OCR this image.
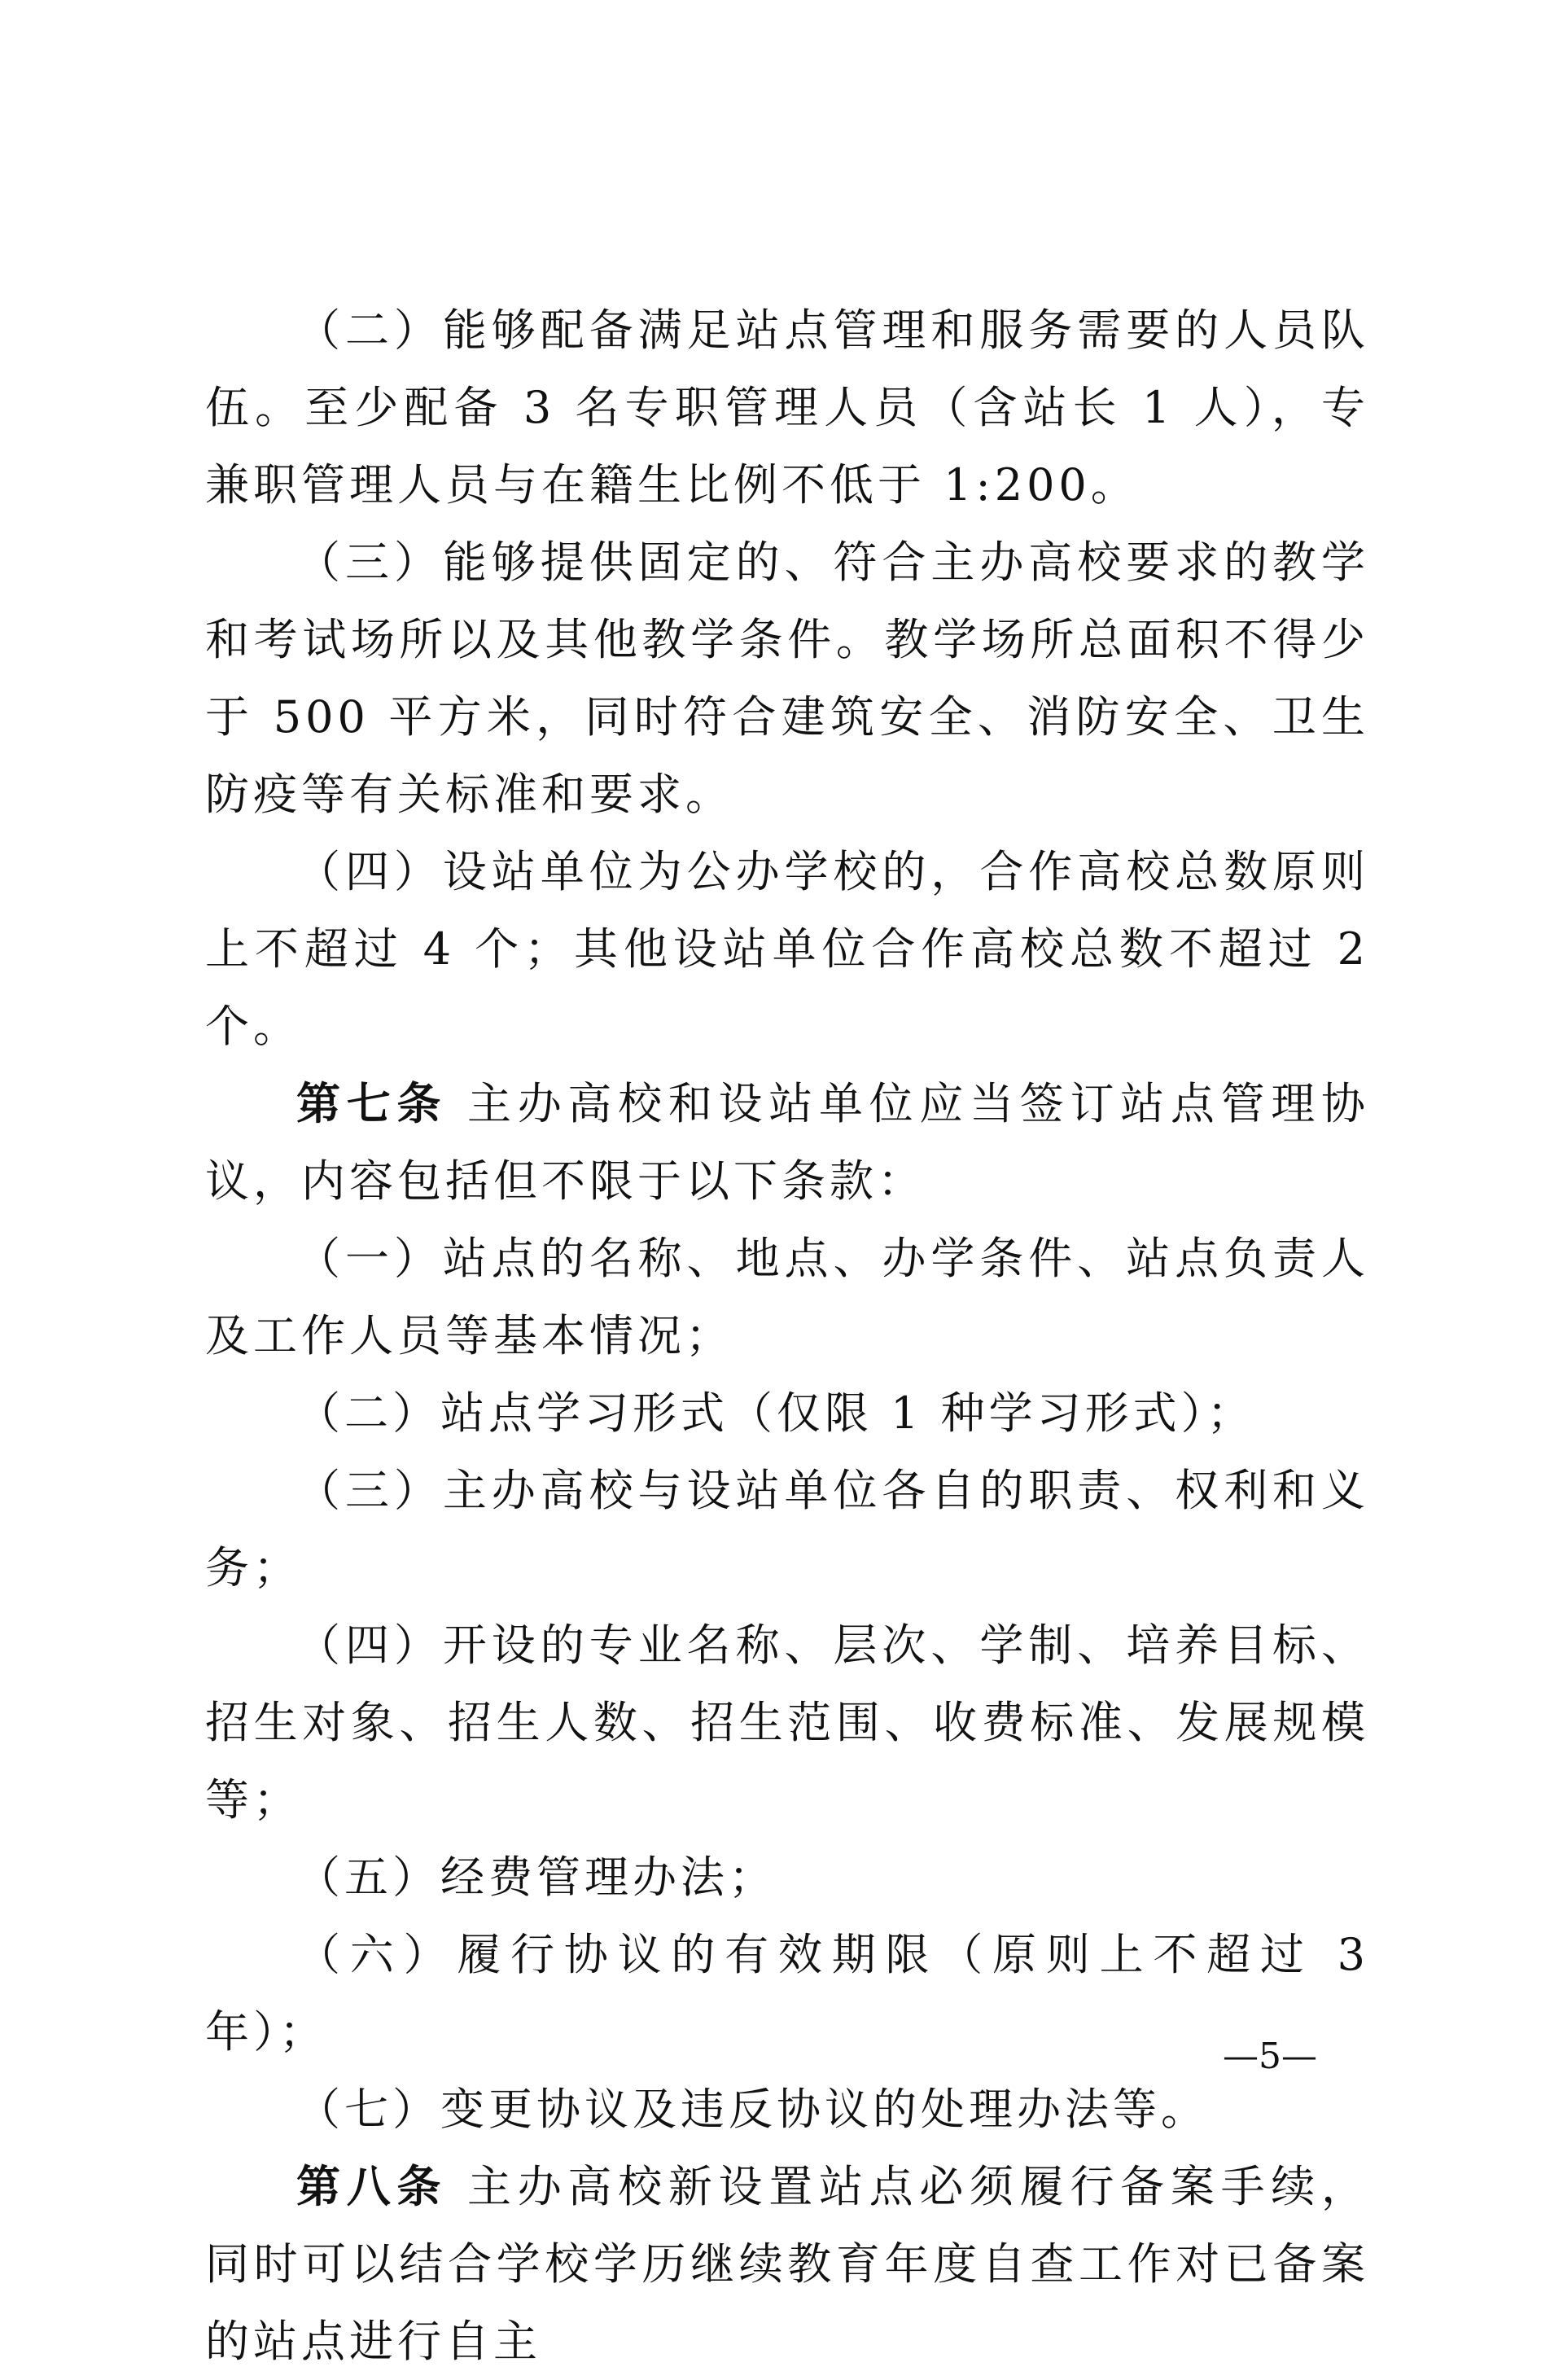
（二）能够配备满足站点管理和服务需要的人员队伍。至少配备 3 名专职管理人员（含站长 1 人），专兼职管理人员与在籍生比例不低于 1:200。

（三）能够提供固定的、符合主办高校要求的教学和考试场所以及其他教学条件。教学场所总面积不得少于 500 平方米，同时符合建筑安全、消防安全、卫生防疫等有关标准和要求。

（四）设站单位为公办学校的，合作高校总数原则上不超过 4 个；其他设站单位合作高校总数不超过 2 个。

第七条 主办高校和设站单位应当签订站点管理协议，内容包括但不限于以下条款：

（一）站点的名称、地点、办学条件、站点负责人及工作人员等基本情况；

（二）站点学习形式（仅限 1 种学习形式）；

（三）主办高校与设站单位各自的职责、权利和义务；

（四）开设的专业名称、层次、学制、培养目标、招生对象、招生人数、招生范围、收费标准、发展规模等；

（五）经费管理办法；

（六）履行协议的有效期限（原则上不超过 3 年）；

（七）变更协议及违反协议的处理办法等。

第八条 主办高校新设置站点必须履行备案手续，同时可以结合学校学历继续教育年度自查工作对已备案的站点进行自主

—5—
